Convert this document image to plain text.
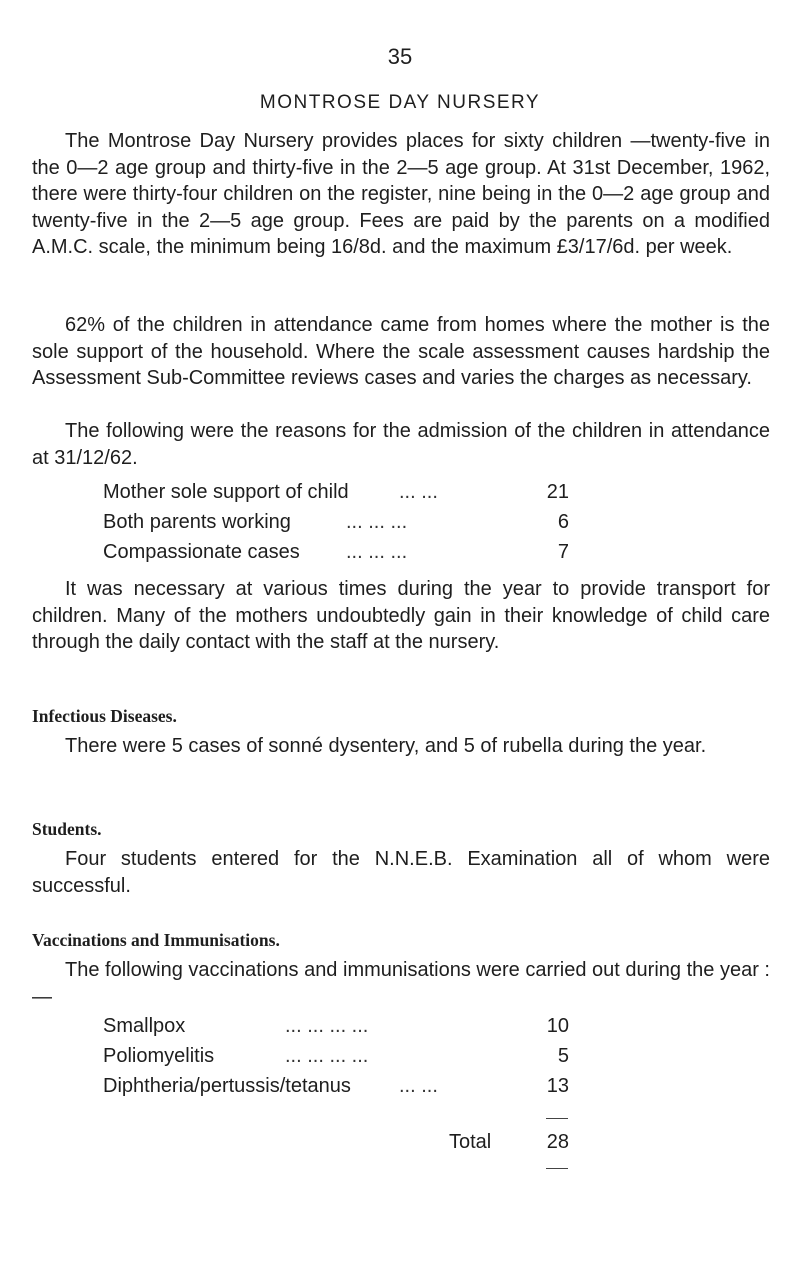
35
MONTROSE DAY NURSERY

The Montrose Day Nursery provides places for sixty children —twenty-five in the 0—2 age group and thirty-five in the 2—5 age group. At 31st December, 1962, there were thirty-four children on the register, nine being in the 0—2 age group and twenty-five in the 2—5 age group. Fees are paid by the parents on a modified A.M.C. scale, the minimum being 16/8d. and the maximum £3/17/6d. per week.

62% of the children in attendance came from homes where the mother is the sole support of the household. Where the scale assessment causes hardship the Assessment Sub-Committee reviews cases and varies the charges as necessary.

The following were the reasons for the admission of the children in attendance at 31/12/62.

Mother sole support of child	... ...	21
Both parents working	... ... ...	6
Compassionate cases ... ... ...	7

It was necessary at various times during the year to provide transport for children. Many of the mothers undoubtedly gain in their knowledge of child care through the daily contact with the staff at the nursery.

Infectious Diseases.

There were 5 cases of sonné dysentery, and 5 of rubella during the year.

Students.

Four students entered for the N.N.E.B. Examination all of whom were successful.

Vaccinations and Immunisations.

The following vaccinations and immunisations were carried out during the year :—

Smallpox	... ... ... ...	10
Poliomyelitis	... ... ... ...	5
Diphtheria/pertussis/tetanus ... ...	13
Total	28
